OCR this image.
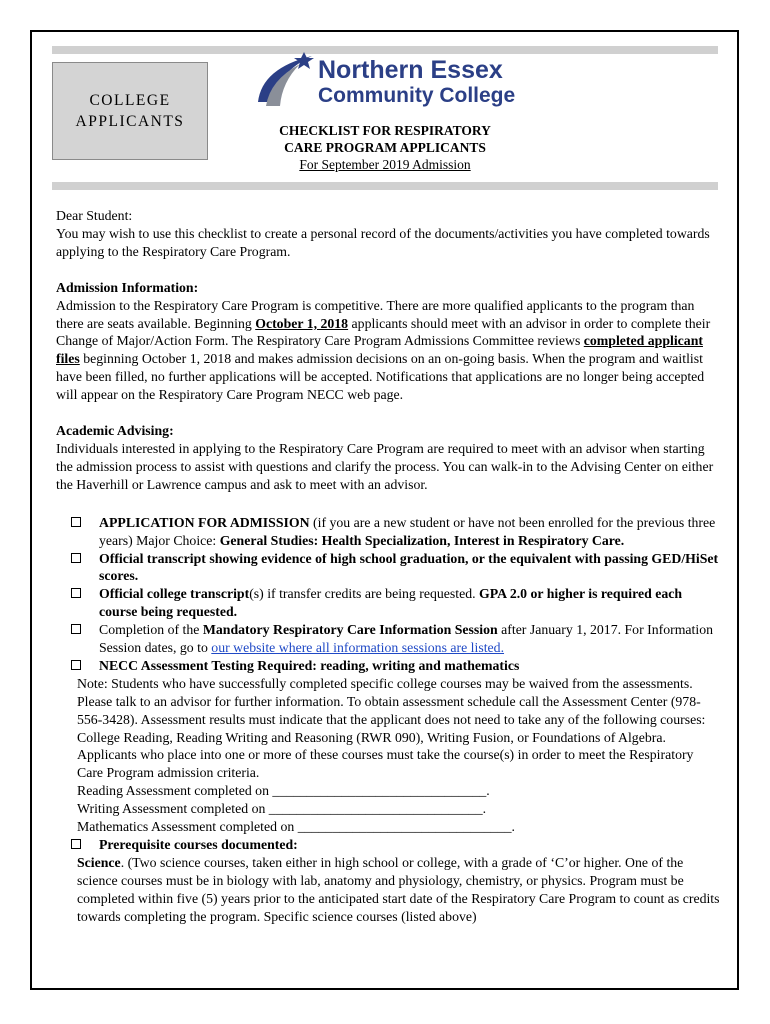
COLLEGE
APPLICANTS
Northern Essex
Community College
CHECKLIST FOR RESPIRATORY
CARE PROGRAM APPLICANTS
For September 2019 Admission

Dear Student:

You may wish to use this checklist to create a personal record of the documents/activities you have completed towards applying to the Respiratory Care Program.

Admission Information:

Admission to the Respiratory Care Program is competitive. There are more qualified applicants to the program than there are seats available. Beginning October 1, 2018 applicants should meet with an advisor in order to complete their Change of Major/Action Form. The Respiratory Care Program Admissions Committee reviews completed applicant files beginning October 1, 2018 and makes admission decisions on an on-going basis. When the program and waitlist have been filled, no further applications will be accepted. Notifications that applications are no longer being accepted will appear on the Respiratory Care Program NECC web page.

Academic Advising:

Individuals interested in applying to the Respiratory Care Program are required to meet with an advisor when starting the admission process to assist with questions and clarify the process. You can walk-in to the Advising Center on either the Haverhill or Lawrence campus and ask to meet with an advisor.

APPLICATION FOR ADMISSION (if you are a new student or have not been enrolled for the previous three years) Major Choice: General Studies: Health Specialization, Interest in Respiratory Care.
Official transcript showing evidence of high school graduation, or the equivalent with passing GED/HiSet scores.
Official college transcript(s) if transfer credits are being requested. GPA 2.0 or higher is required each course being requested.
Completion of the Mandatory Respiratory Care Information Session after January 1, 2017. For Information Session dates, go to our website where all information sessions are listed.
NECC Assessment Testing Required: reading, writing and mathematics

Note: Students who have successfully completed specific college courses may be waived from the assessments. Please talk to an advisor for further information. To obtain assessment schedule call the Assessment Center (978-556-3428). Assessment results must indicate that the applicant does not need to take any of the following courses: College Reading, Reading Writing and Reasoning (RWR 090), Writing Fusion, or Foundations of Algebra. Applicants who place into one or more of these courses must take the course(s) in order to meet the Respiratory Care Program admission criteria.

Reading Assessment completed on _______________________________.

Writing Assessment completed on _______________________________.

Mathematics Assessment completed on _______________________________.

Prerequisite courses documented:

Science. (Two science courses, taken either in high school or college, with a grade of ‘C’or higher. One of the science courses must be in biology with lab, anatomy and physiology, chemistry, or physics. Program must be completed within five (5) years prior to the anticipated start date of the Respiratory Care Program to count as credits towards completing the program. Specific science courses (listed above)
